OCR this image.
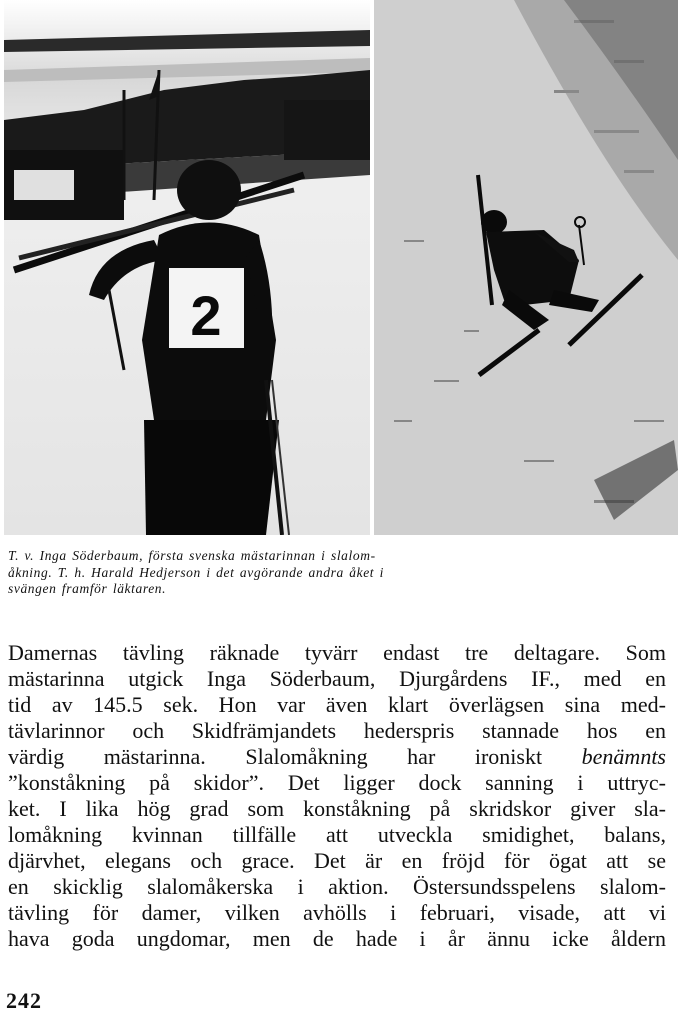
2

T. v. Inga Söderbaum, första svenska mästarinnan i slalom-
åkning. T. h. Harald Hedjerson i det avgörande andra åket i
svängen framför läktaren.

Damernas tävling räknade tyvärr endast tre deltagare. Som
mästarinna utgick Inga Söderbaum, Djurgårdens IF., med en
tid av 145.5 sek. Hon var även klart överlägsen sina med-
tävlarinnor och Skidfrämjandets hederspris stannade hos en
värdig mästarinna. Slalomåkning har ironiskt benämnts
”konståkning på skidor”. Det ligger dock sanning i uttryc-
ket. I lika hög grad som konståkning på skridskor giver sla-
lomåkning kvinnan tillfälle att utveckla smidighet, balans,
djärvhet, elegans och grace. Det är en fröjd för ögat att se
en skicklig slalomåkerska i aktion. Östersundsspelens slalom-
tävling för damer, vilken avhölls i februari, visade, att vi
hava goda ungdomar, men de hade i år ännu icke åldern
242
